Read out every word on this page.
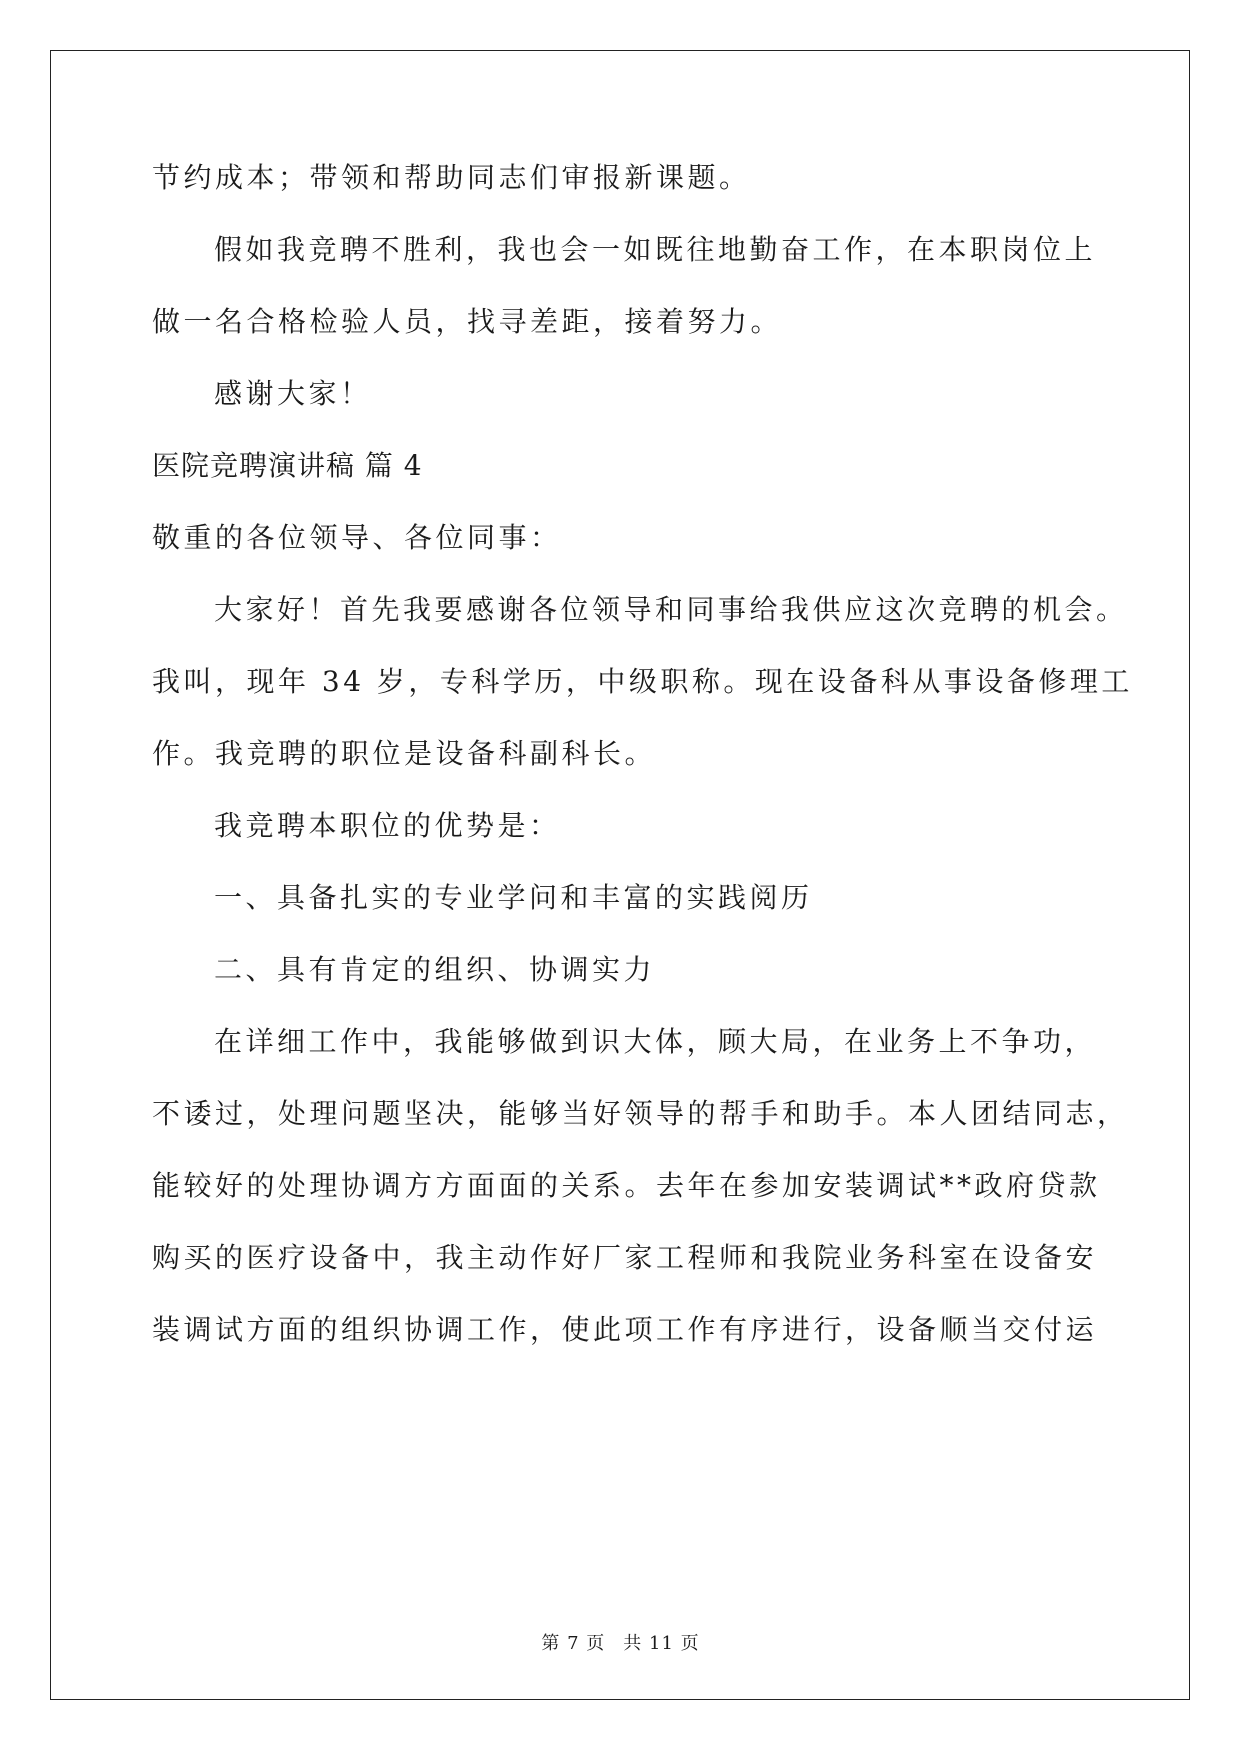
节约成本；带领和帮助同志们审报新课题。
假如我竞聘不胜利，我也会一如既往地勤奋工作，在本职岗位上
做一名合格检验人员，找寻差距，接着努力。
感谢大家！
医院竞聘演讲稿 篇 4
敬重的各位领导、各位同事：
大家好！首先我要感谢各位领导和同事给我供应这次竞聘的机会。
我叫，现年 34 岁，专科学历，中级职称。现在设备科从事设备修理工
作。我竞聘的职位是设备科副科长。
我竞聘本职位的优势是：
一、具备扎实的专业学问和丰富的实践阅历
二、具有肯定的组织、协调实力
在详细工作中，我能够做到识大体，顾大局，在业务上不争功，
不诿过，处理问题坚决，能够当好领导的帮手和助手。本人团结同志，
能较好的处理协调方方面面的关系。去年在参加安装调试**政府贷款
购买的医疗设备中，我主动作好厂家工程师和我院业务科室在设备安
装调试方面的组织协调工作，使此项工作有序进行，设备顺当交付运
第 7 页 共 11 页
